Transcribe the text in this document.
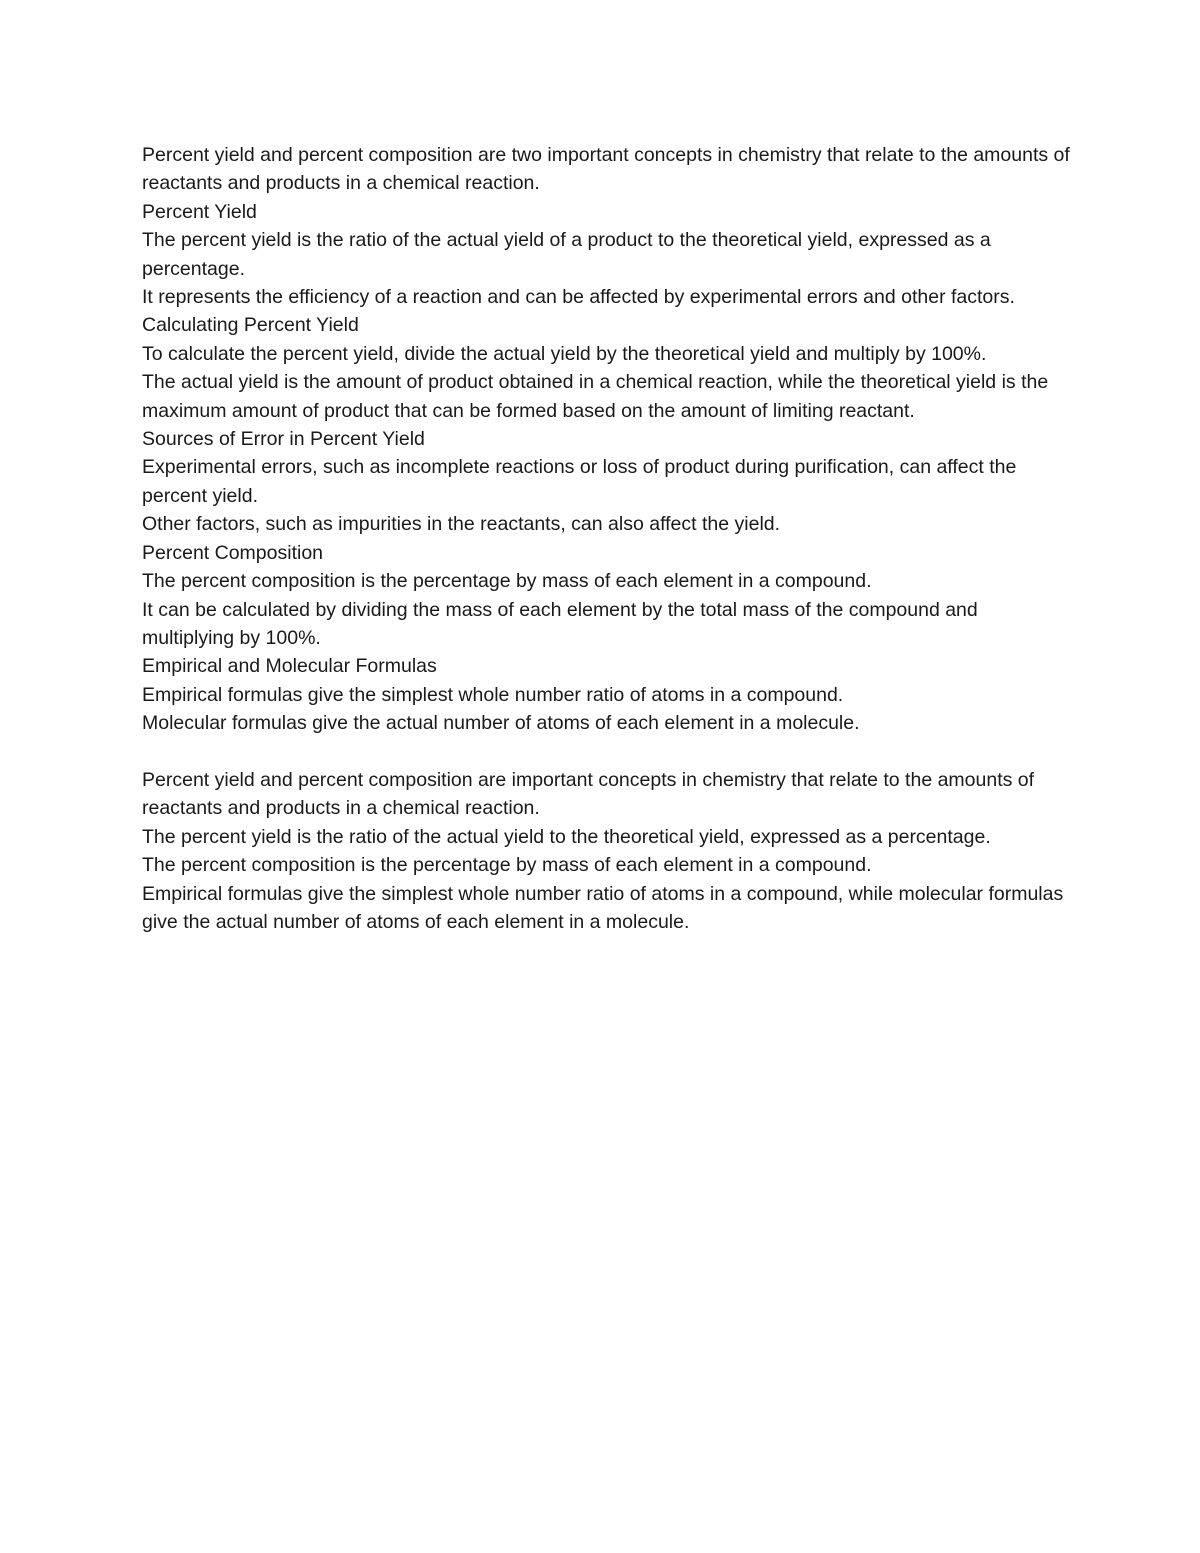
Percent yield and percent composition are two important concepts in chemistry that relate to the amounts of reactants and products in a chemical reaction.

Percent Yield

The percent yield is the ratio of the actual yield of a product to the theoretical yield, expressed as a percentage.

It represents the efficiency of a reaction and can be affected by experimental errors and other factors.

Calculating Percent Yield

To calculate the percent yield, divide the actual yield by the theoretical yield and multiply by 100%.

The actual yield is the amount of product obtained in a chemical reaction, while the theoretical yield is the maximum amount of product that can be formed based on the amount of limiting reactant.

Sources of Error in Percent Yield

Experimental errors, such as incomplete reactions or loss of product during purification, can affect the percent yield.

Other factors, such as impurities in the reactants, can also affect the yield.

Percent Composition

The percent composition is the percentage by mass of each element in a compound.

It can be calculated by dividing the mass of each element by the total mass of the compound and multiplying by 100%.

Empirical and Molecular Formulas

Empirical formulas give the simplest whole number ratio of atoms in a compound.

Molecular formulas give the actual number of atoms of each element in a molecule.

Percent yield and percent composition are important concepts in chemistry that relate to the amounts of reactants and products in a chemical reaction.

The percent yield is the ratio of the actual yield to the theoretical yield, expressed as a percentage.

The percent composition is the percentage by mass of each element in a compound.

Empirical formulas give the simplest whole number ratio of atoms in a compound, while molecular formulas give the actual number of atoms of each element in a molecule.
